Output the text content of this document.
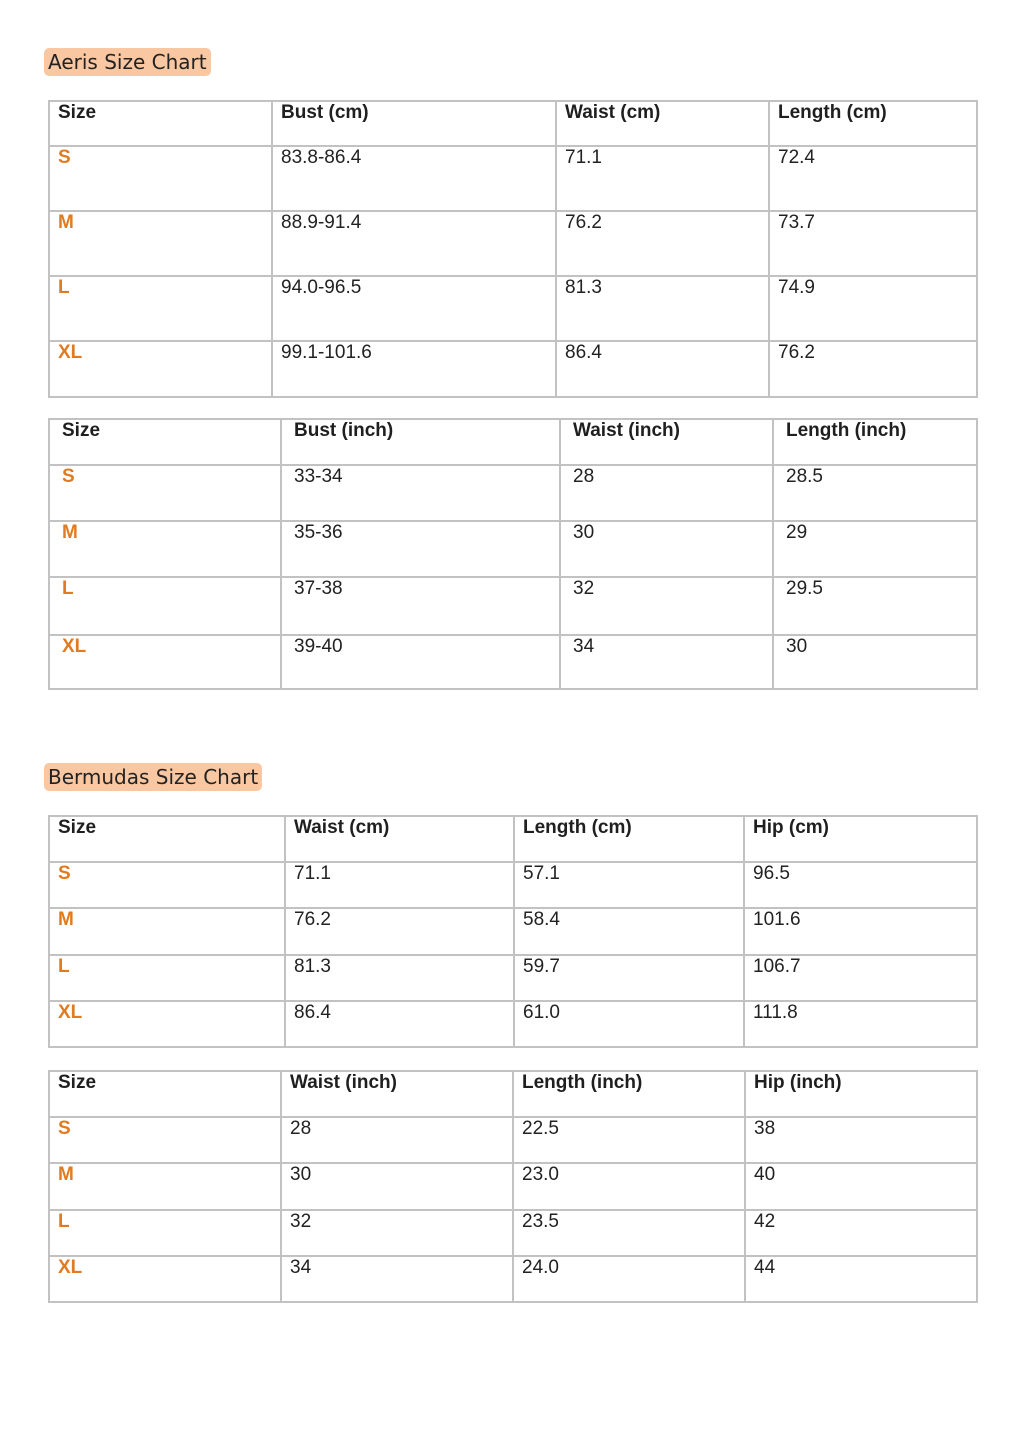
Aeris Size Chart
Size	Bust (cm)	Waist (cm)	Length (cm)
S	83.8-86.4	71.1	72.4
M	88.9-91.4	76.2	73.7
L	94.0-96.5	81.3	74.9
XL	99.1-101.6	86.4	76.2
Size	Bust (inch)	Waist (inch)	Length (inch)
S	33-34	28	28.5
M	35-36	30	29
L	37-38	32	29.5
XL	39-40	34	30
Bermudas Size Chart
Size	Waist (cm)	Length (cm)	Hip (cm)
S	71.1	57.1	96.5
M	76.2	58.4	101.6
L	81.3	59.7	106.7
XL	86.4	61.0	111.8
Size	Waist (inch)	Length (inch)	Hip (inch)
S	28	22.5	38
M	30	23.0	40
L	32	23.5	42
XL	34	24.0	44
